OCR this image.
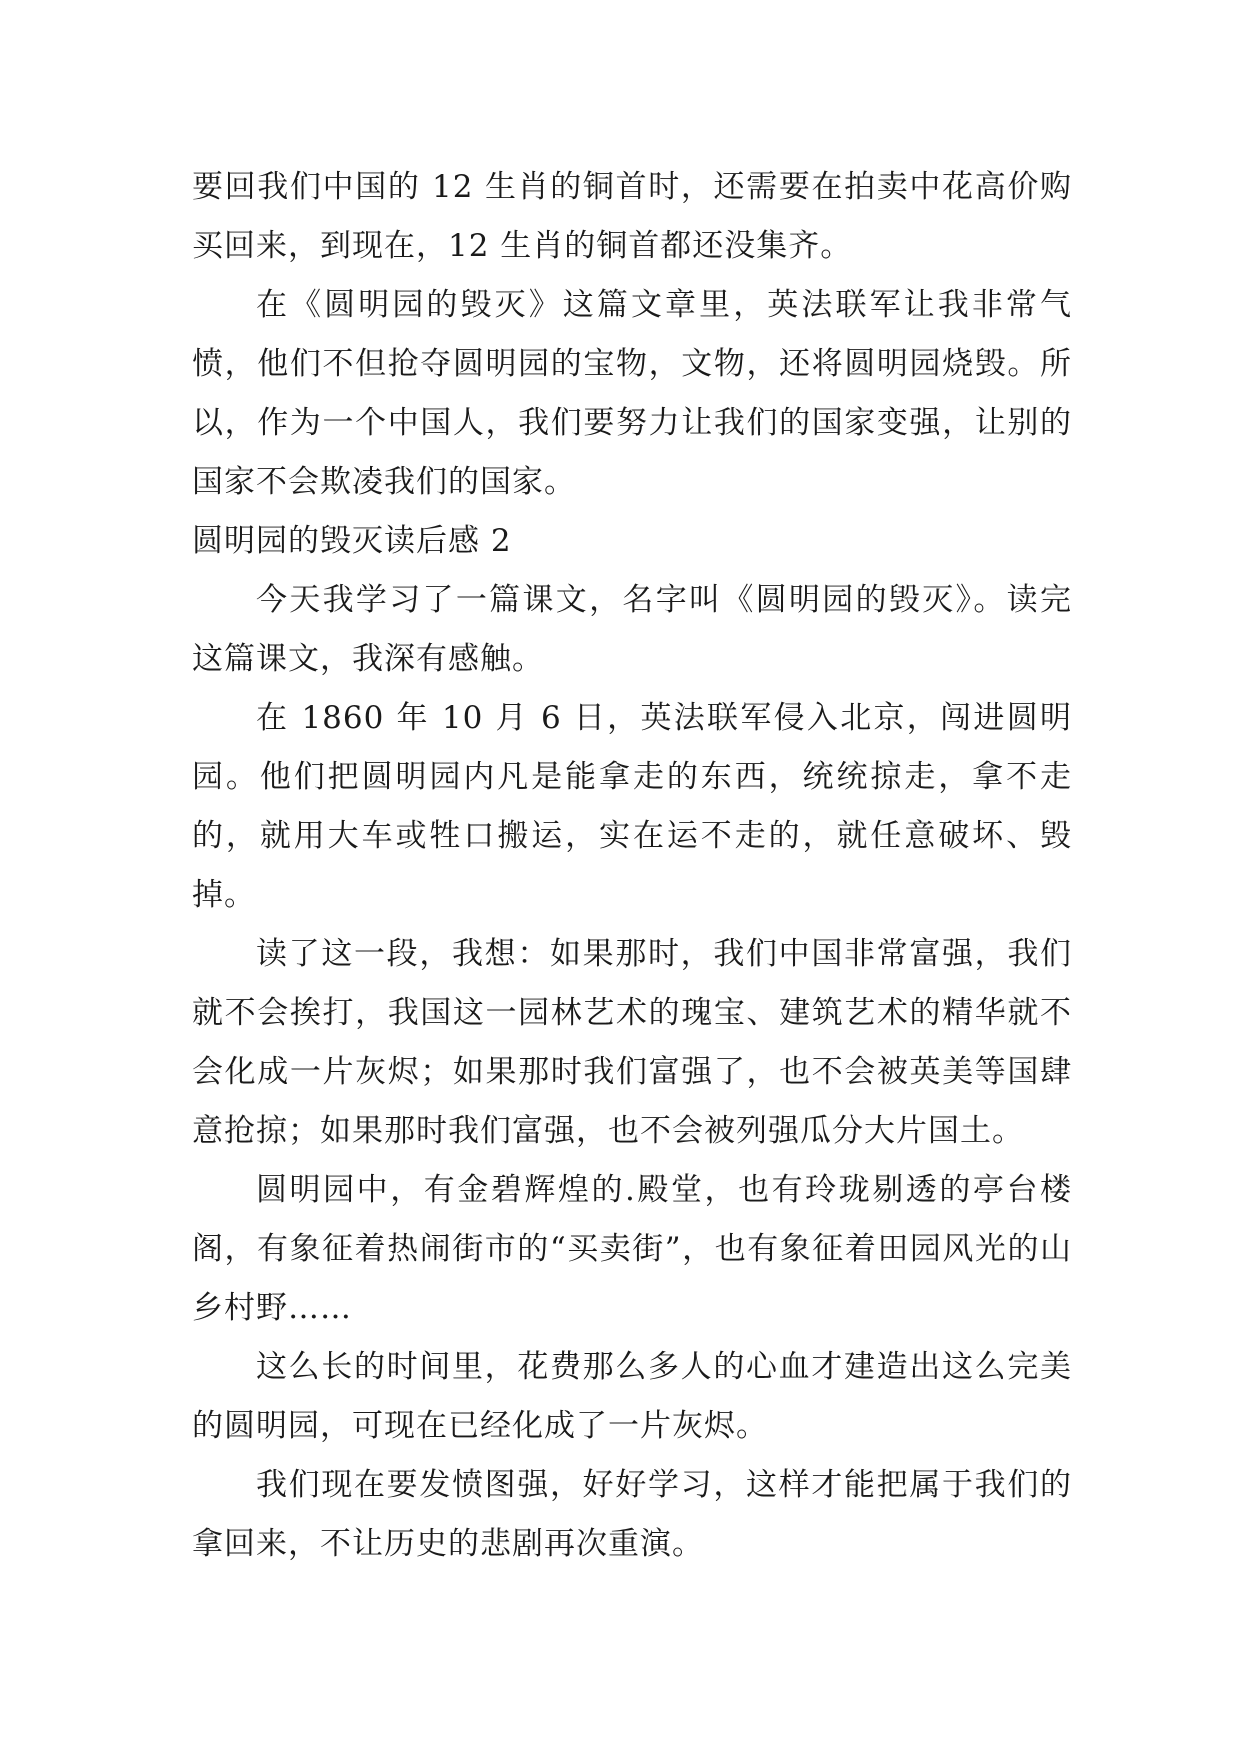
要回我们中国的 12 生肖的铜首时，还需要在拍卖中花高价购买回来，到现在，12 生肖的铜首都还没集齐。

在《圆明园的毁灭》这篇文章里，英法联军让我非常气愤，他们不但抢夺圆明园的宝物，文物，还将圆明园烧毁。所以，作为一个中国人，我们要努力让我们的国家变强，让别的国家不会欺凌我们的国家。

圆明园的毁灭读后感 2

今天我学习了一篇课文，名字叫《圆明园的毁灭》。读完这篇课文，我深有感触。

在 1860 年 10 月 6 日，英法联军侵入北京，闯进圆明园。他们把圆明园内凡是能拿走的东西，统统掠走，拿不走的，就用大车或牲口搬运，实在运不走的，就任意破坏、毁掉。

读了这一段，我想：如果那时，我们中国非常富强，我们就不会挨打，我国这一园林艺术的瑰宝、建筑艺术的精华就不会化成一片灰烬；如果那时我们富强了，也不会被英美等国肆意抢掠；如果那时我们富强，也不会被列强瓜分大片国土。

圆明园中，有金碧辉煌的.殿堂，也有玲珑剔透的亭台楼阁，有象征着热闹街市的“买卖街”，也有象征着田园风光的山乡村野……

这么长的时间里，花费那么多人的心血才建造出这么完美的圆明园，可现在已经化成了一片灰烬。

我们现在要发愤图强，好好学习，这样才能把属于我们的拿回来，不让历史的悲剧再次重演。
